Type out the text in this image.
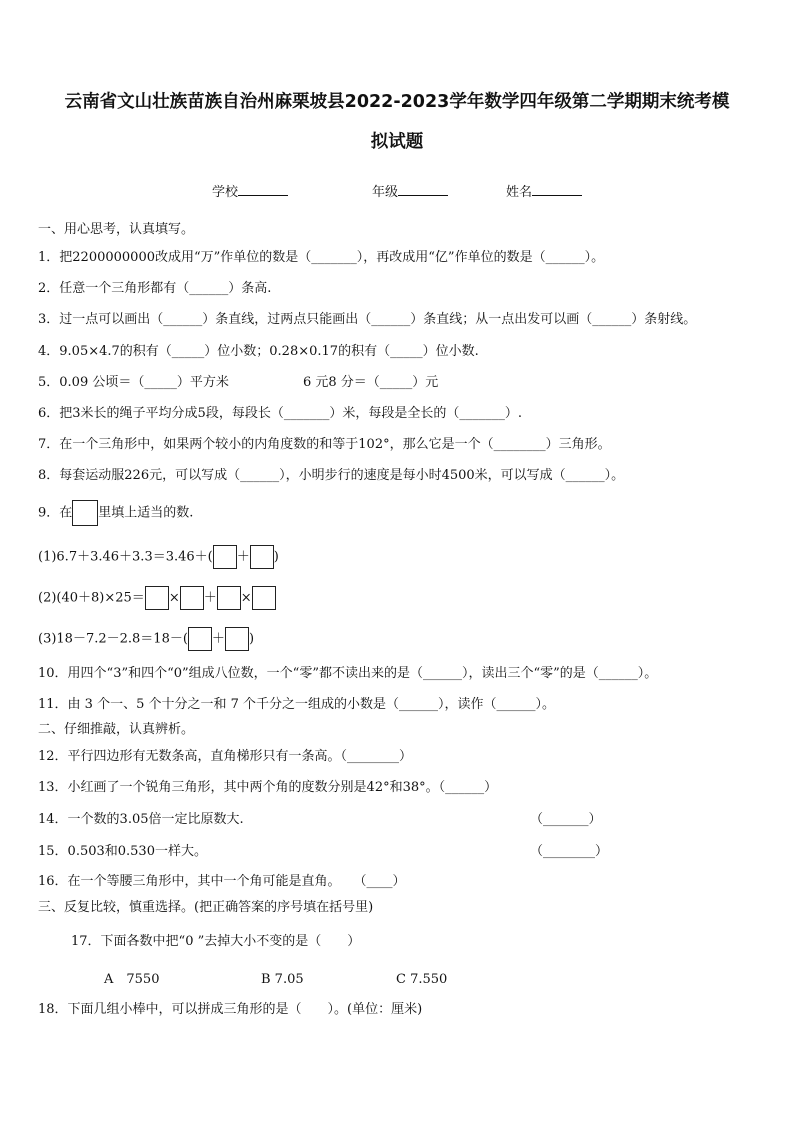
云南省文山壮族苗族自治州麻栗坡县2022-2023学年数学四年级第二学期期末统考模
拟试题
学校	年级	姓名
一、用心思考，认真填写。
1．把2200000000改成用“万”作单位的数是（_______），再改成用“亿”作单位的数是（______）。
2．任意一个三角形都有（______）条高.
3．过一点可以画出（______）条直线，过两点只能画出（______）条直线；从一点出发可以画（______）条射线。
4．9.05×4.7的积有（_____）位小数；0.28×0.17的积有（_____）位小数.
5．0.09 公顷＝（_____）平方米	6 元8 分＝（_____）元
6．把3米长的绳子平均分成5段，每段长（_______）米，每段是全长的（_______）.
7．在一个三角形中，如果两个较小的内角度数的和等于102°，那么它是一个（________）三角形。
8．每套运动服226元，可以写成（______），小明步行的速度是每小时4500米，可以写成（______）。
9．在 里填上适当的数.
(1)6.7＋3.46＋3.3＝3.46＋( ＋ )
(2)(40＋8)×25＝ × ＋ ×
(3)18－7.2－2.8＝18－( ＋ )
10．用四个“3”和四个“0”组成八位数，一个“零”都不读出来的是（______），读出三个“零”的是（______）。
11．由 3 个一、5 个十分之一和 7 个千分之一组成的小数是（______），读作（______）。
二、仔细推敲，认真辨析。
12．平行四边形有无数条高，直角梯形只有一条高。（________）
13．小红画了一个锐角三角形，其中两个角的度数分别是42°和38°。（______）
14．一个数的3.05倍一定比原数大.	（_______）
15．0.503和0.530一样大。	（________）
16．在一个等腰三角形中，其中一个角可能是直角。　　（____）
三、反复比较，慎重选择。(把正确答案的序号填在括号里)
17．下面各数中把“0 ”去掉大小不变的是（　　）
A　7550	B 7.05	C 7.550
18．下面几组小棒中，可以拼成三角形的是（　　）。(单位：厘米)
